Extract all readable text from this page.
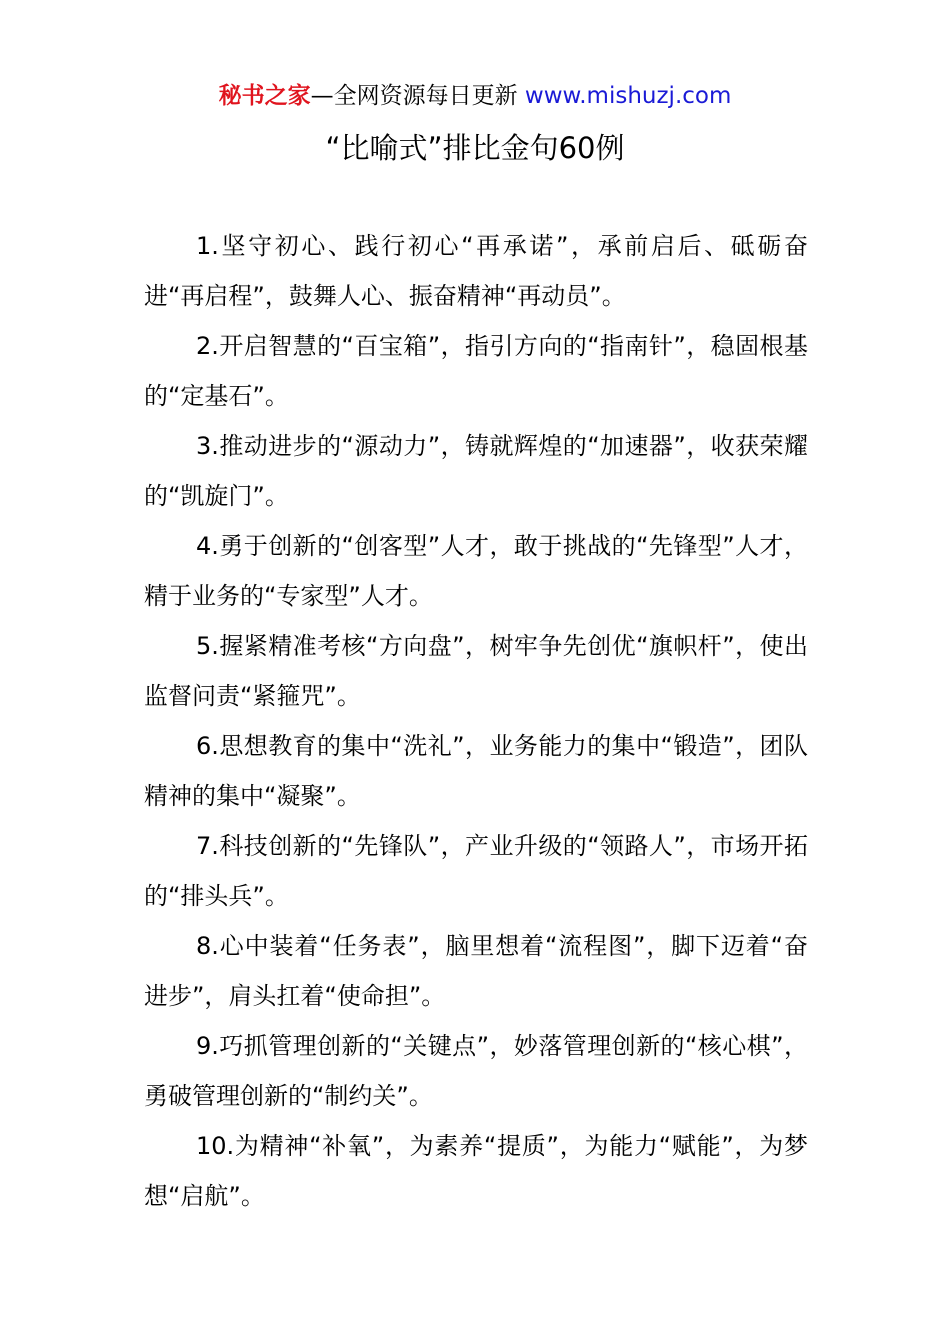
秘书之家—全网资源每日更新 www.mishuzj.com
“比喻式”排比金句60例

1.坚守初心、践行初心“再承诺”，承前启后、砥砺奋进“再启程”，鼓舞人心、振奋精神“再动员”。

2.开启智慧的“百宝箱”，指引方向的“指南针”，稳固根基的“定基石”。

3.推动进步的“源动力”，铸就辉煌的“加速器”，收获荣耀的“凯旋门”。

4.勇于创新的“创客型”人才，敢于挑战的“先锋型”人才，精于业务的“专家型”人才。

5.握紧精准考核“方向盘”，树牢争先创优“旗帜杆”，使出监督问责“紧箍咒”。

6.思想教育的集中“洗礼”，业务能力的集中“锻造”，团队精神的集中“凝聚”。

7.科技创新的“先锋队”，产业升级的“领路人”，市场开拓的“排头兵”。

8.心中装着“任务表”，脑里想着“流程图”，脚下迈着“奋进步”，肩头扛着“使命担”。

9.巧抓管理创新的“关键点”，妙落管理创新的“核心棋”，勇破管理创新的“制约关”。

10.为精神“补氧”，为素养“提质”，为能力“赋能”，为梦想“启航”。
